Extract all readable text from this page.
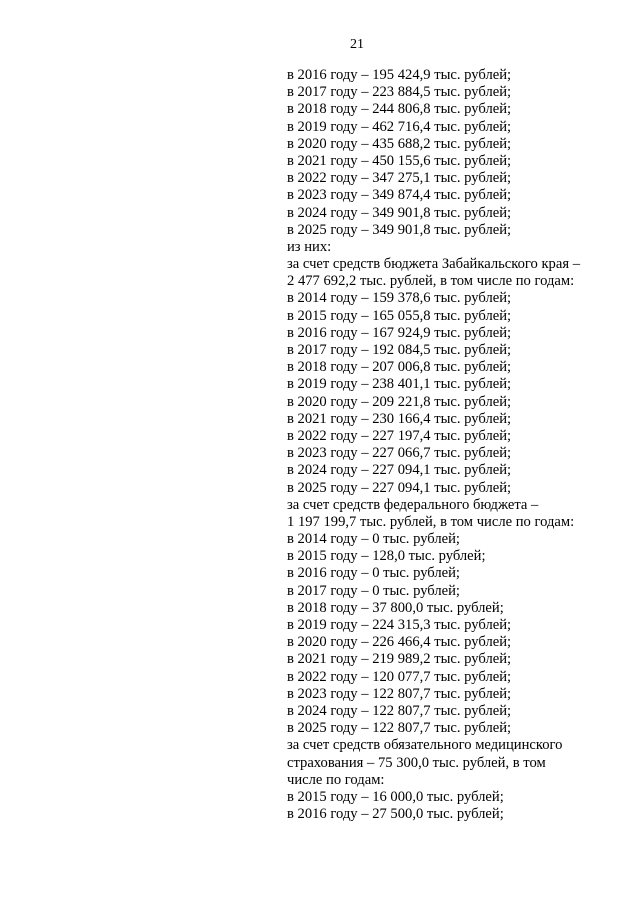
21
в 2016 году – 195 424,9 тыс. рублей;
в 2017 году – 223 884,5 тыс. рублей;
в 2018 году – 244 806,8 тыс. рублей;
в 2019 году – 462 716,4 тыс. рублей;
в 2020 году – 435 688,2 тыс. рублей;
в 2021 году – 450 155,6 тыс. рублей;
в 2022 году – 347 275,1 тыс. рублей;
в 2023 году – 349 874,4 тыс. рублей;
в 2024 году – 349 901,8 тыс. рублей;
в 2025 году – 349 901,8 тыс. рублей;
из них:
за счет средств бюджета Забайкальского края –
2 477 692,2 тыс. рублей, в том числе по годам:
в 2014 году – 159 378,6 тыс. рублей;
в 2015 году – 165 055,8 тыс. рублей;
в 2016 году – 167 924,9 тыс. рублей;
в 2017 году – 192 084,5 тыс. рублей;
в 2018 году – 207 006,8 тыс. рублей;
в 2019 году – 238 401,1 тыс. рублей;
в 2020 году – 209 221,8 тыс. рублей;
в 2021 году – 230 166,4 тыс. рублей;
в 2022 году – 227 197,4 тыс. рублей;
в 2023 году – 227 066,7 тыс. рублей;
в 2024 году – 227 094,1 тыс. рублей;
в 2025 году – 227 094,1 тыс. рублей;
за счет средств федерального бюджета –
1 197 199,7 тыс. рублей, в том числе по годам:
в 2014 году – 0 тыс. рублей;
в 2015 году – 128,0 тыс. рублей;
в 2016 году – 0 тыс. рублей;
в 2017 году – 0 тыс. рублей;
в 2018 году – 37 800,0 тыс. рублей;
в 2019 году – 224 315,3 тыс. рублей;
в 2020 году – 226 466,4 тыс. рублей;
в 2021 году – 219 989,2 тыс. рублей;
в 2022 году – 120 077,7 тыс. рублей;
в 2023 году – 122 807,7 тыс. рублей;
в 2024 году – 122 807,7 тыс. рублей;
в 2025 году – 122 807,7 тыс. рублей;
за счет средств обязательного медицинского
страхования – 75 300,0 тыс. рублей, в том
числе по годам:
в 2015 году – 16 000,0 тыс. рублей;
в 2016 году – 27 500,0 тыс. рублей;
